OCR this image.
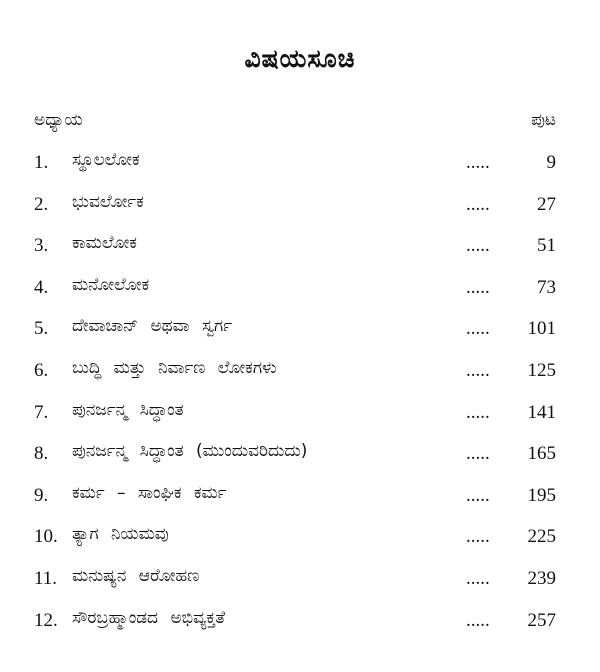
ವಿಷಯಸೂಚಿ
ಅಧ್ಯಾಯ	ಪುಟ
1. ಸ್ಥೂಲಲೋಕ	.....	9
2. ಭುವರ್ಲೋಕ	..... 27
3. ಕಾಮಲೋಕ	..... 51
4. ಮನೋಲೋಕ	..... 73
5. ದೇವಾಚಾನ್ ಅಥವಾ ಸ್ವರ್ಗ	..... 101
6. ಬುದ್ಧಿ ಮತ್ತು ನಿರ್ವಾಣ ಲೋಕಗಳು	..... 125
7. ಪುನರ್ಜನ್ಮ ಸಿದ್ಧಾಂತ	..... 141
8. ಪುನರ್ಜನ್ಮ ಸಿದ್ಧಾಂತ (ಮುಂದುವರಿದುದು)	..... 165
9. ಕರ್ಮ – ಸಾಂಘಿಕ ಕರ್ಮ	..... 195
10. ತ್ಯಾಗ ನಿಯಮವು	..... 225
11. ಮನುಷ್ಯನ ಆರೋಹಣ	..... 239
12. ಸೌರಬ್ರಹ್ಮಾಂಡದ ಅಭಿವ್ಯಕ್ತತೆ	..... 257
